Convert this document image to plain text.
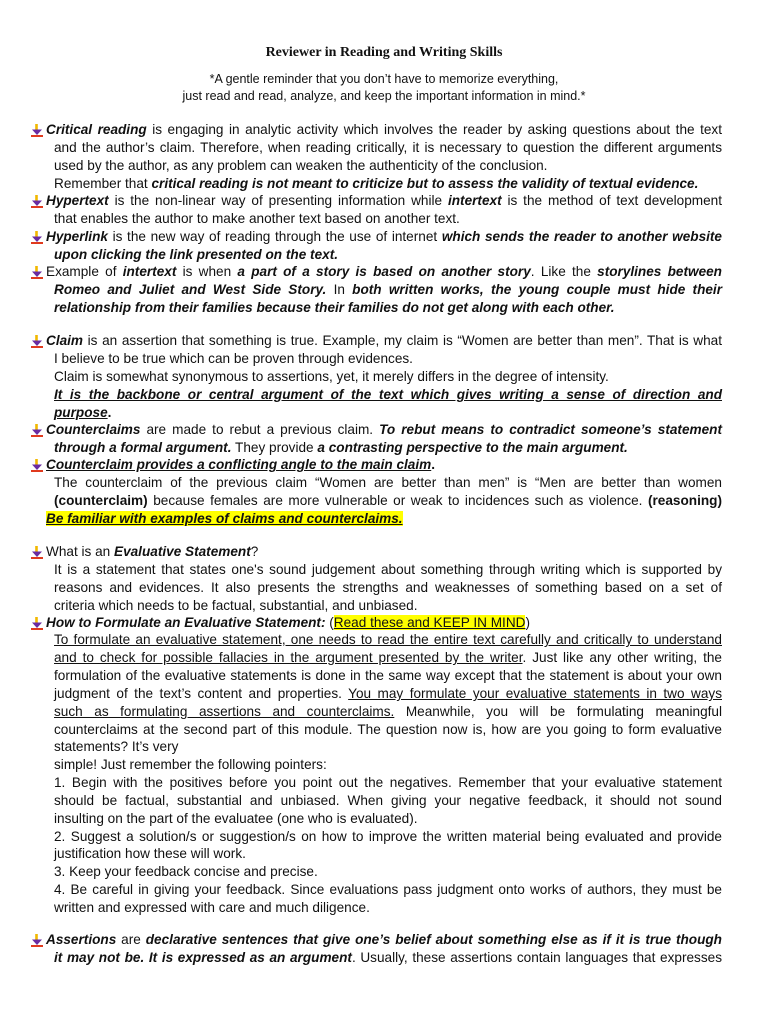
Reviewer in Reading and Writing Skills
*A gentle reminder that you don’t have to memorize everything,
just read and read, analyze, and keep the important information in mind.*
Critical reading is engaging in analytic activity which involves the reader by asking questions about the text
and the author’s claim. Therefore, when reading critically, it is necessary to question the different arguments
used by the author, as any problem can weaken the authenticity of the conclusion.
Remember that critical reading is not meant to criticize but to assess the validity of textual evidence.
Hypertext is the non-linear way of presenting information while intertext is the method of text development
that enables the author to make another text based on another text.
Hyperlink is the new way of reading through the use of internet which sends the reader to another website
upon clicking the link presented on the text.
Example of intertext is when a part of a story is based on another story. Like the storylines between
Romeo and Juliet and West Side Story. In both written works, the young couple must hide their
relationship from their families because their families do not get along with each other.
Claim is an assertion that something is true. Example, my claim is “Women are better than men”. That is what
I believe to be true which can be proven through evidences.
Claim is somewhat synonymous to assertions, yet, it merely differs in the degree of intensity.
It is the backbone or central argument of the text which gives writing a sense of direction and
purpose.
Counterclaims are made to rebut a previous claim. To rebut means to contradict someone’s statement
through a formal argument. They provide a contrasting perspective to the main argument.
Counterclaim provides a conflicting angle to the main claim.
The counterclaim of the previous claim “Women are better than men” is “Men are better than women
(counterclaim) because females are more vulnerable or weak to incidences such as violence. (reasoning)
Be familiar with examples of claims and counterclaims.
What is an Evaluative Statement?
It is a statement that states one's sound judgement about something through writing which is supported by
reasons and evidences. It also presents the strengths and weaknesses of something based on a set of
criteria which needs to be factual, substantial, and unbiased.
How to Formulate an Evaluative Statement: (Read these and KEEP IN MIND)
To formulate an evaluative statement, one needs to read the entire text carefully and critically to understand
and to check for possible fallacies in the argument presented by the writer. Just like any other writing, the
formulation of the evaluative statements is done in the same way except that the statement is about your own
judgment of the text’s content and properties. You may formulate your evaluative statements in two ways
such as formulating assertions and counterclaims. Meanwhile, you will be formulating meaningful
counterclaims at the second part of this module. The question now is, how are you going to form evaluative
statements? It’s very
simple! Just remember the following pointers:
1. Begin with the positives before you point out the negatives. Remember that your evaluative statement
should be factual, substantial and unbiased. When giving your negative feedback, it should not sound
insulting on the part of the evaluatee (one who is evaluated).
2. Suggest a solution/s or suggestion/s on how to improve the written material being evaluated and provide
justification how these will work.
3. Keep your feedback concise and precise.
4. Be careful in giving your feedback. Since evaluations pass judgment onto works of authors, they must be
written and expressed with care and much diligence.
Assertions are declarative sentences that give one’s belief about something else as if it is true though
it may not be. It is expressed as an argument. Usually, these assertions contain languages that expresses
